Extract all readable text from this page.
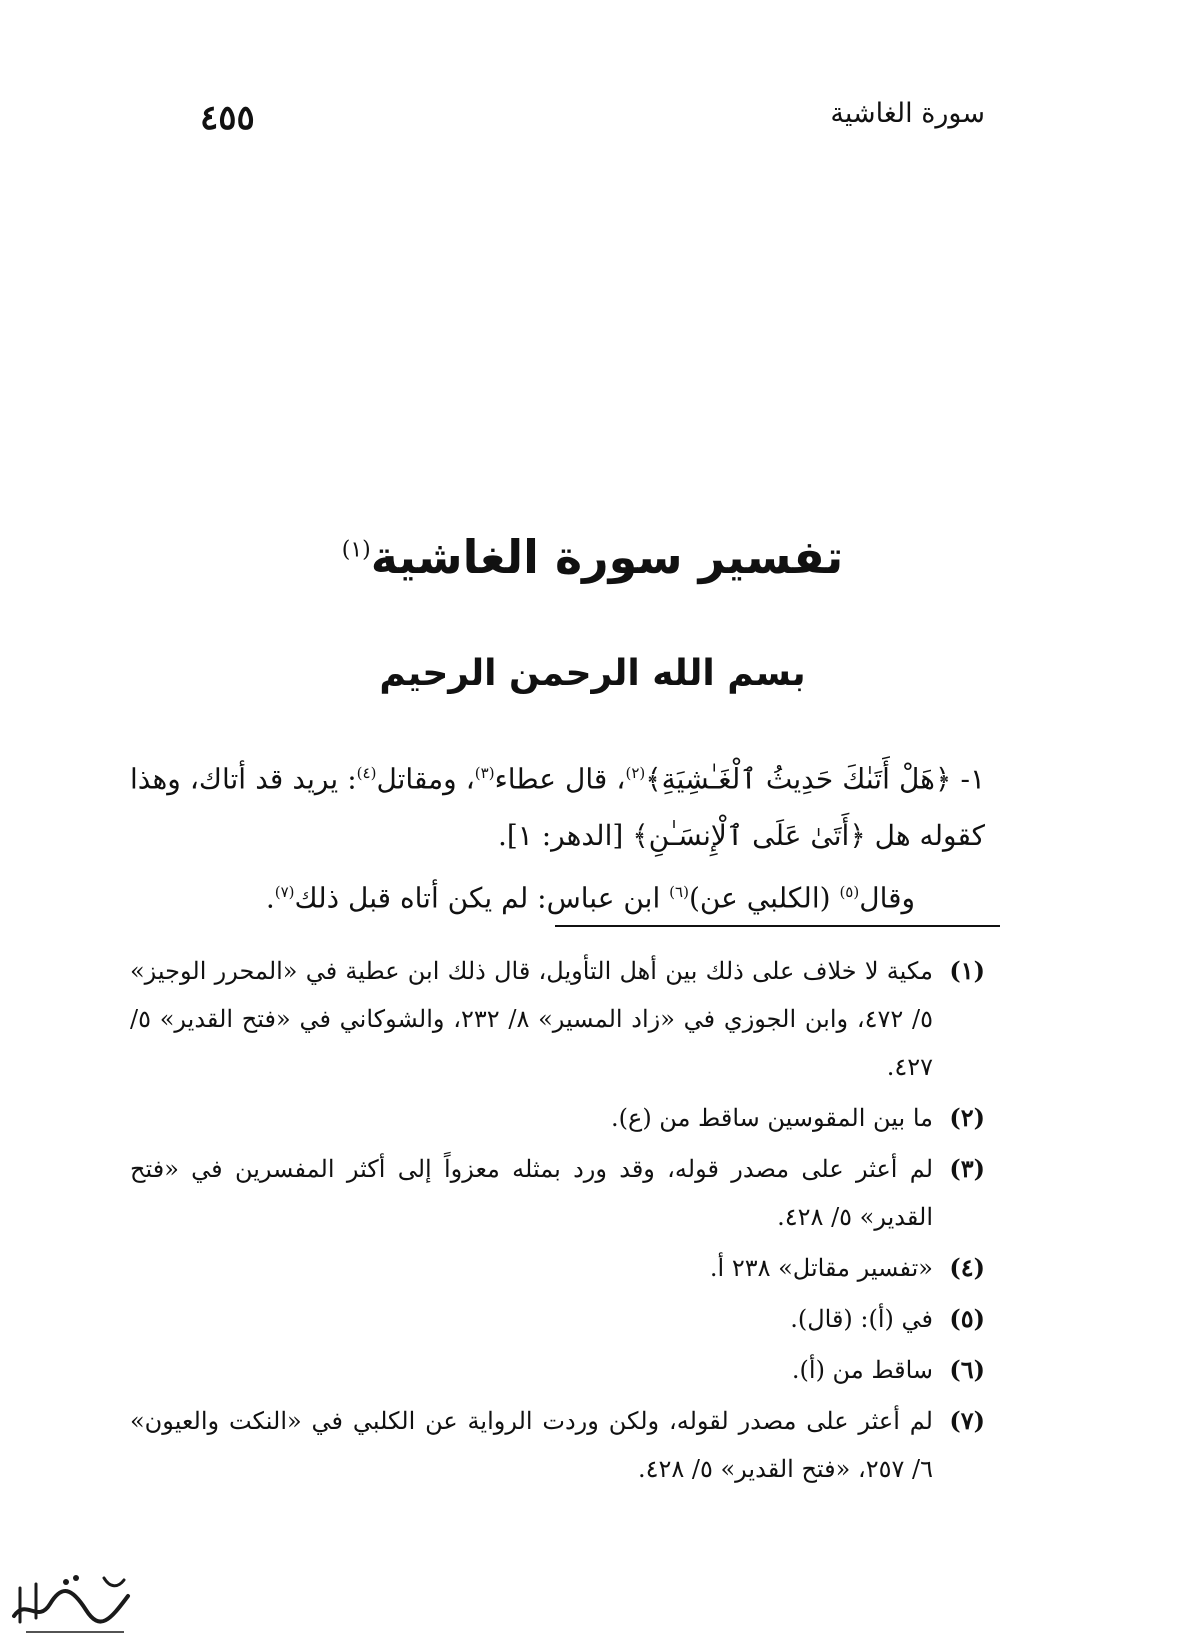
٤٥٥	سورة الغاشية
تفسير سورة الغاشية$^{(١)}$
بسم الله الرحمن الرحيم

١- ﴿هَلْ أَتَىٰكَ حَدِيثُ ٱلْغَـٰشِيَةِ﴾$^{(٢)}$، قال عطاء$^{(٣)}$، ومقاتل$^{(٤)}$: يريد قد أتاك، وهذا كقوله هل ﴿أَتَىٰ عَلَى ٱلْإِنسَـٰنِ﴾ [الدهر: ١].

وقال$^{(٥)}$ (الكلبي عن)$^{(٦)}$ ابن عباس: لم يكن أتاه قبل ذلك$^{(٧)}$.

(١)
مكية لا خلاف على ذلك بين أهل التأويل، قال ذلك ابن عطية في «المحرر الوجيز» ٥/ ٤٧٢، وابن الجوزي في «زاد المسير» ٨/ ٢٣٢، والشوكاني في «فتح القدير» ٥/ ٤٢٧.
(٢)
ما بين المقوسين ساقط من (ع).
(٣)
لم أعثر على مصدر قوله، وقد ورد بمثله معزواً إلى أكثر المفسرين في «فتح القدير» ٥/ ٤٢٨.
(٤)
«تفسير مقاتل» ٢٣٨ أ.
(٥)
في (أ): (قال).
(٦)
ساقط من (أ).
(٧)
لم أعثر على مصدر لقوله، ولكن وردت الرواية عن الكلبي في «النكت والعيون» ٦/ ٢٥٧، «فتح القدير» ٥/ ٤٢٨.
